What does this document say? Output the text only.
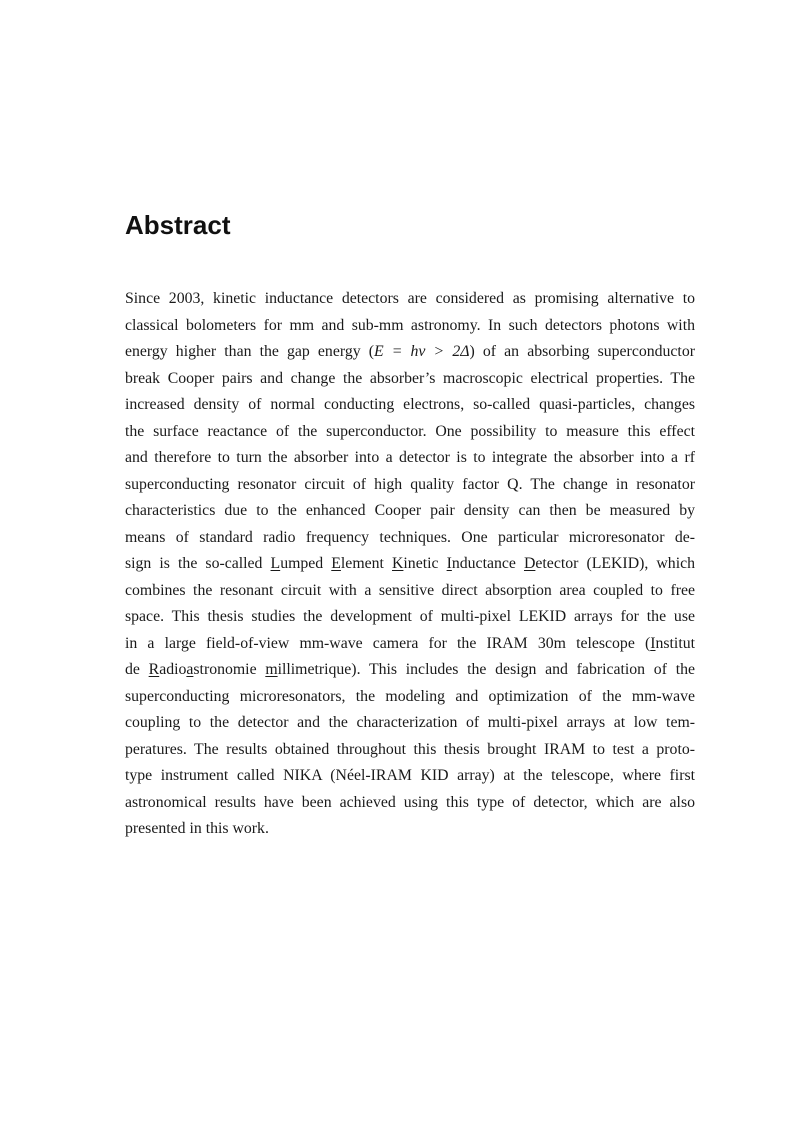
Abstract
Since 2003, kinetic inductance detectors are considered as promising alternative to
classical bolometers for mm and sub-mm astronomy. In such detectors photons with
energy higher than the gap energy (E = hν > 2Δ) of an absorbing superconductor
break Cooper pairs and change the absorber’s macroscopic electrical properties. The
increased density of normal conducting electrons, so-called quasi-particles, changes
the surface reactance of the superconductor. One possibility to measure this effect
and therefore to turn the absorber into a detector is to integrate the absorber into a rf
superconducting resonator circuit of high quality factor Q. The change in resonator
characteristics due to the enhanced Cooper pair density can then be measured by
means of standard radio frequency techniques. One particular microresonator de-
sign is the so-called Lumped Element Kinetic Inductance Detector (LEKID), which
combines the resonant circuit with a sensitive direct absorption area coupled to free
space. This thesis studies the development of multi-pixel LEKID arrays for the use
in a large field-of-view mm-wave camera for the IRAM 30m telescope (Institut
de Radioastronomie millimetrique). This includes the design and fabrication of the
superconducting microresonators, the modeling and optimization of the mm-wave
coupling to the detector and the characterization of multi-pixel arrays at low tem-
peratures. The results obtained throughout this thesis brought IRAM to test a proto-
type instrument called NIKA (Néel-IRAM KID array) at the telescope, where first
astronomical results have been achieved using this type of detector, which are also
presented in this work.
